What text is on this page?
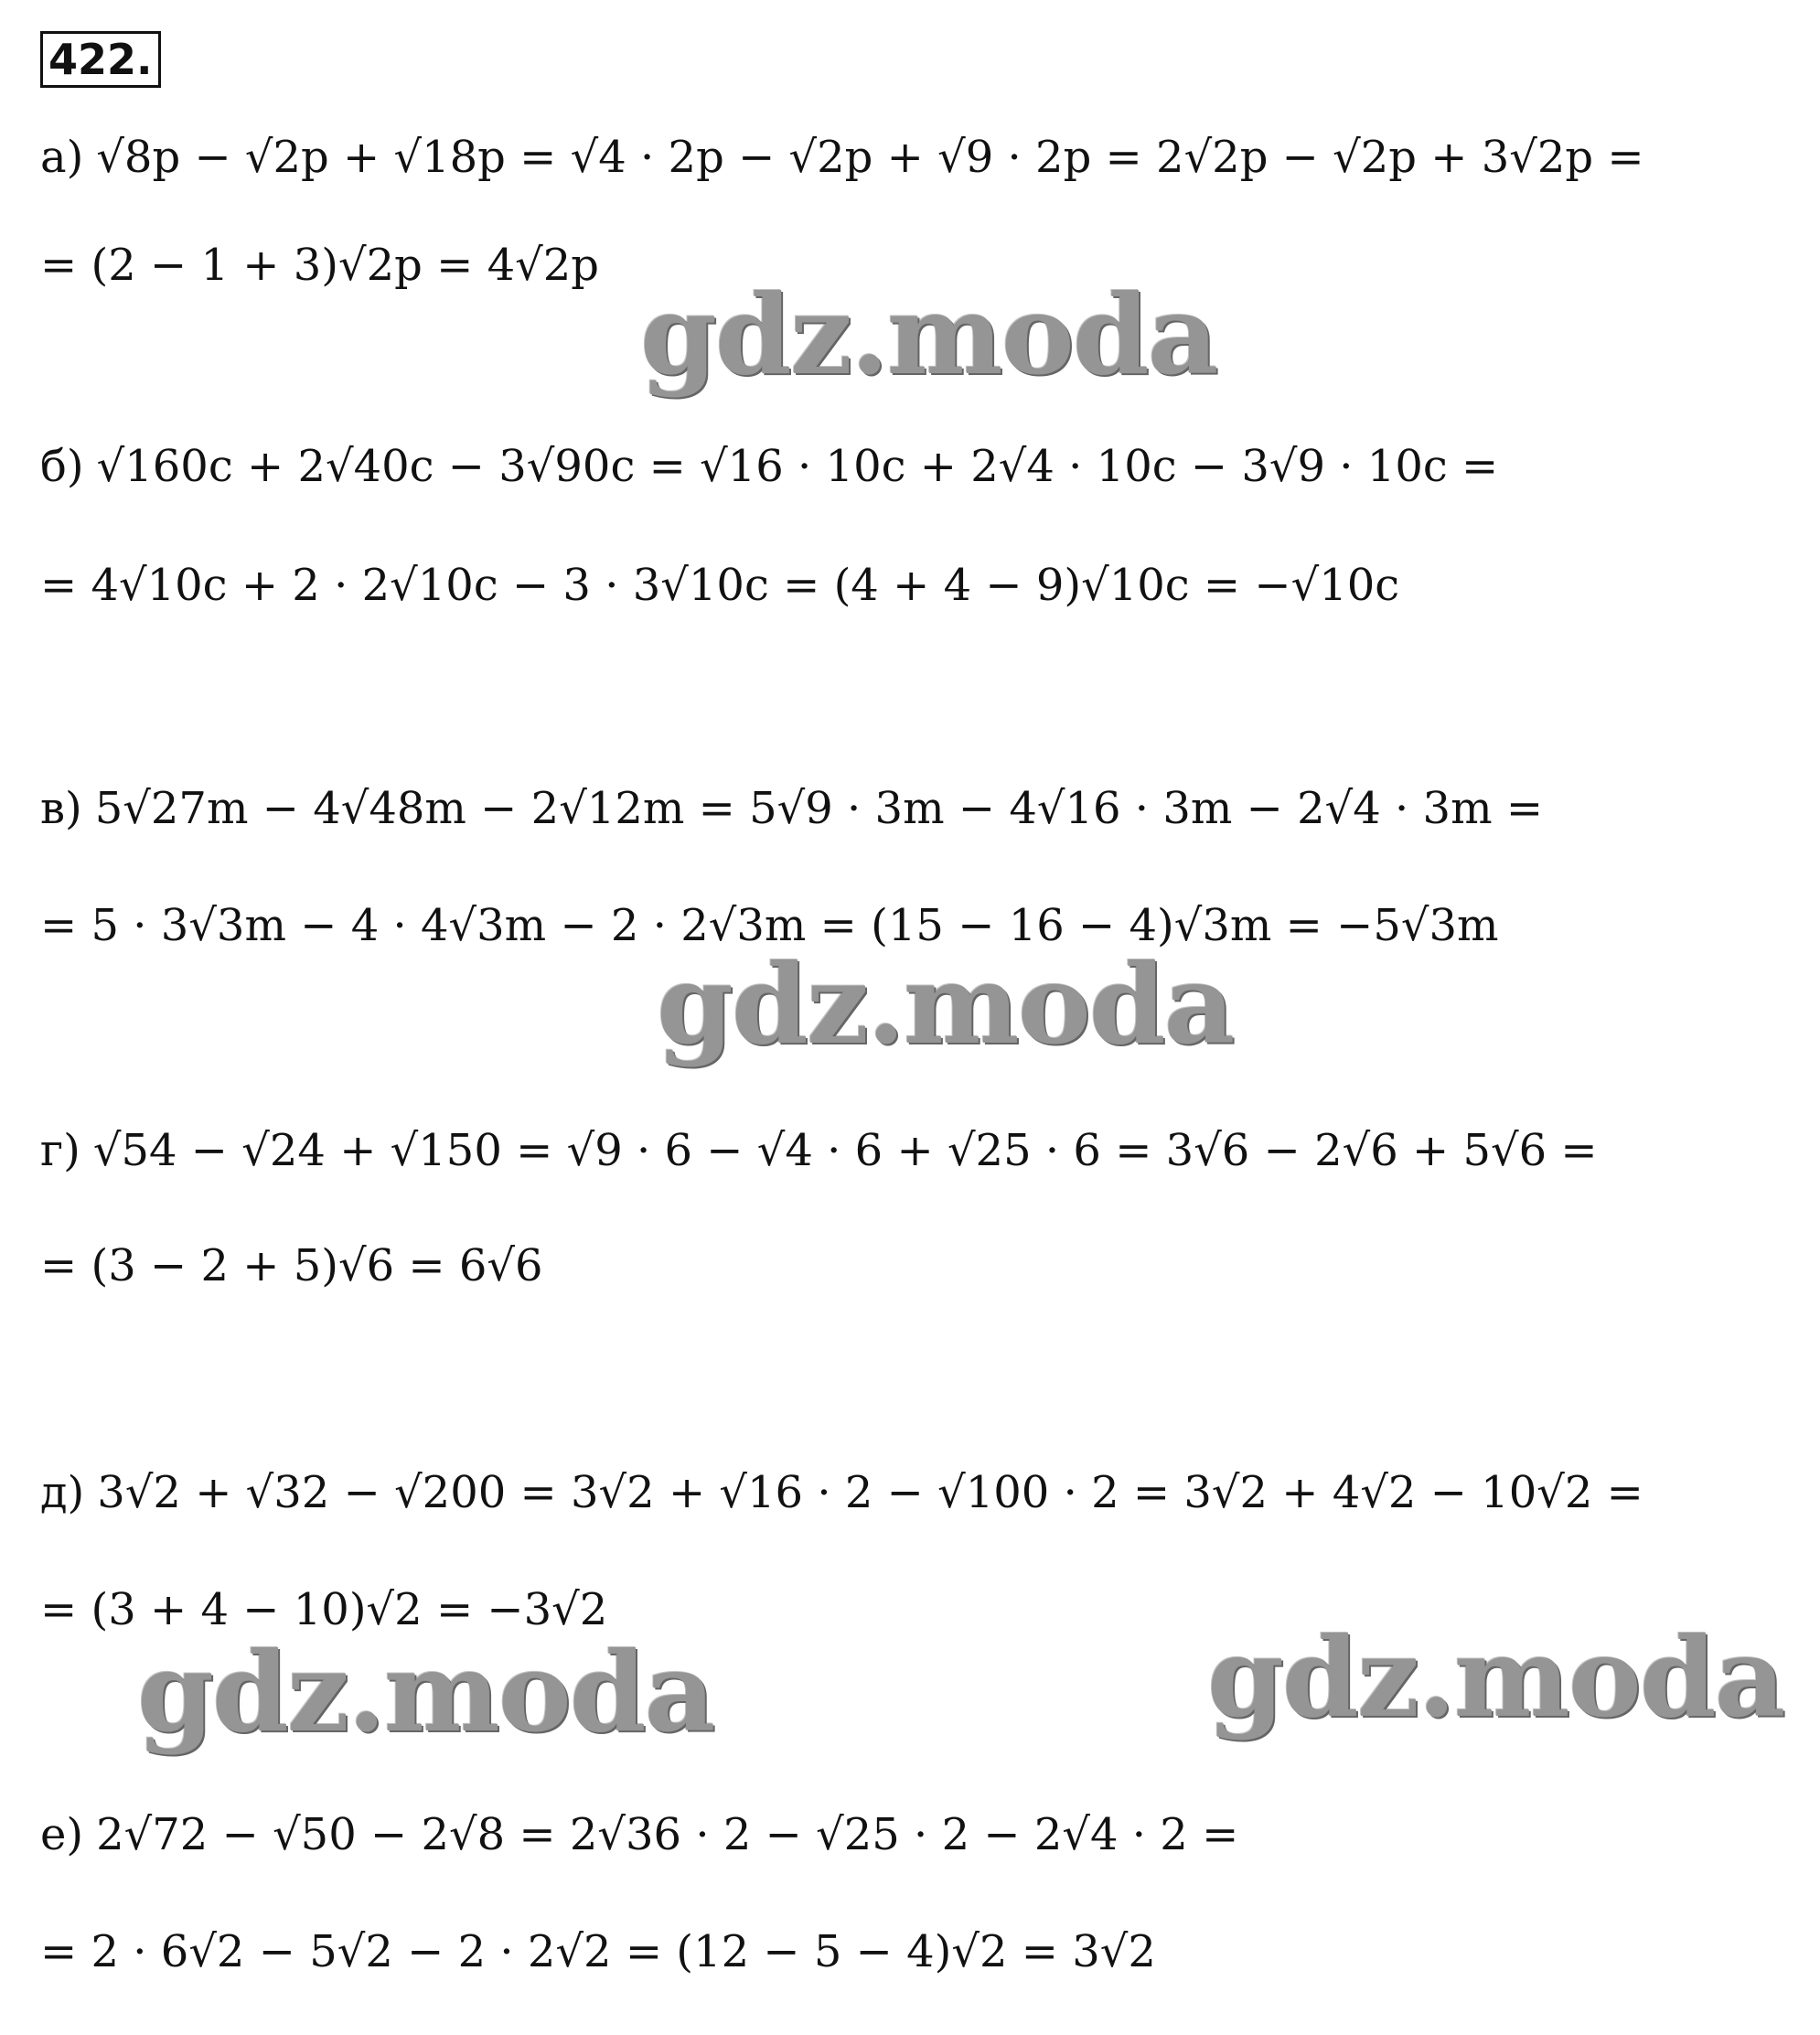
422.
а) √8p − √2p + √18p = √4 · 2p − √2p + √9 · 2p = 2√2p − √2p + 3√2p =
= (2 − 1 + 3)√2p = 4√2p
б) √160c + 2√40c − 3√90c = √16 · 10c + 2√4 · 10c − 3√9 · 10c =
= 4√10c + 2 · 2√10c − 3 · 3√10c = (4 + 4 − 9)√10c = −√10c
в) 5√27m − 4√48m − 2√12m = 5√9 · 3m − 4√16 · 3m − 2√4 · 3m =
= 5 · 3√3m − 4 · 4√3m − 2 · 2√3m = (15 − 16 − 4)√3m = −5√3m
г) √54 − √24 + √150 = √9 · 6 − √4 · 6 + √25 · 6 = 3√6 − 2√6 + 5√6 =
= (3 − 2 + 5)√6 = 6√6
д) 3√2 + √32 − √200 = 3√2 + √16 · 2 − √100 · 2 = 3√2 + 4√2 − 10√2 =
= (3 + 4 − 10)√2 = −3√2
е) 2√72 − √50 − 2√8 = 2√36 · 2 − √25 · 2 − 2√4 · 2 =
= 2 · 6√2 − 5√2 − 2 · 2√2 = (12 − 5 − 4)√2 = 3√2
gdz.moda
gdz.moda
gdz.moda	gdz.moda
